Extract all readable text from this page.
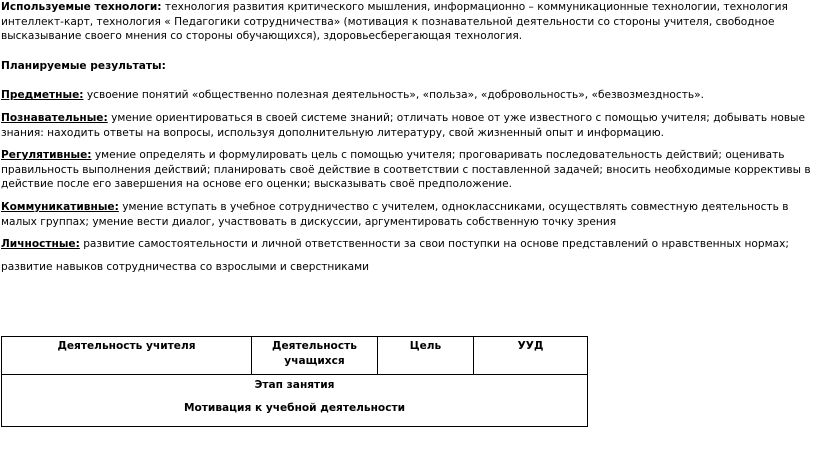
Используемые технологи: технология развития критического мышления, информационно – коммуникационные технологии, технология интеллект-карт, технология « Педагогики сотрудничества» (мотивация к познавательной деятельности со стороны учителя, свободное высказывание своего мнения со стороны обучающихся), здоровьесберегающая технология.

Планируемые результаты:

Предметные: усвоение понятий «общественно полезная деятельность», «польза», «добровольность», «безвозмездность».

Познавательные: умение ориентироваться в своей системе знаний; отличать новое от уже известного с помощью учителя; добывать новые знания: находить ответы на вопросы, используя дополнительную литературу, свой жизненный опыт и информацию.

Регулятивные: умение определять и формулировать цель с помощью учителя; проговаривать последовательность действий; оценивать правильность выполнения действий; планировать своё действие в соответствии с поставленной задачей; вносить необходимые коррективы в действие после его завершения на основе его оценки; высказывать своё предположение.

Коммуникативные: умение вступать в учебное сотрудничество с учителем, одноклассниками, осуществлять совместную деятельность в малых группах; умение вести диалог, участвовать в дискуссии, аргументировать собственную точку зрения

Личностные: развитие самостоятельности и личной ответственности за свои поступки на основе представлений о нравственных нормах;

развитие навыков сотрудничества со взрослыми и сверстниками

Деятельность учителя	Деятельность учащихся	Цель	УУД

Этап занятия
Мотивация к учебной деятельности
